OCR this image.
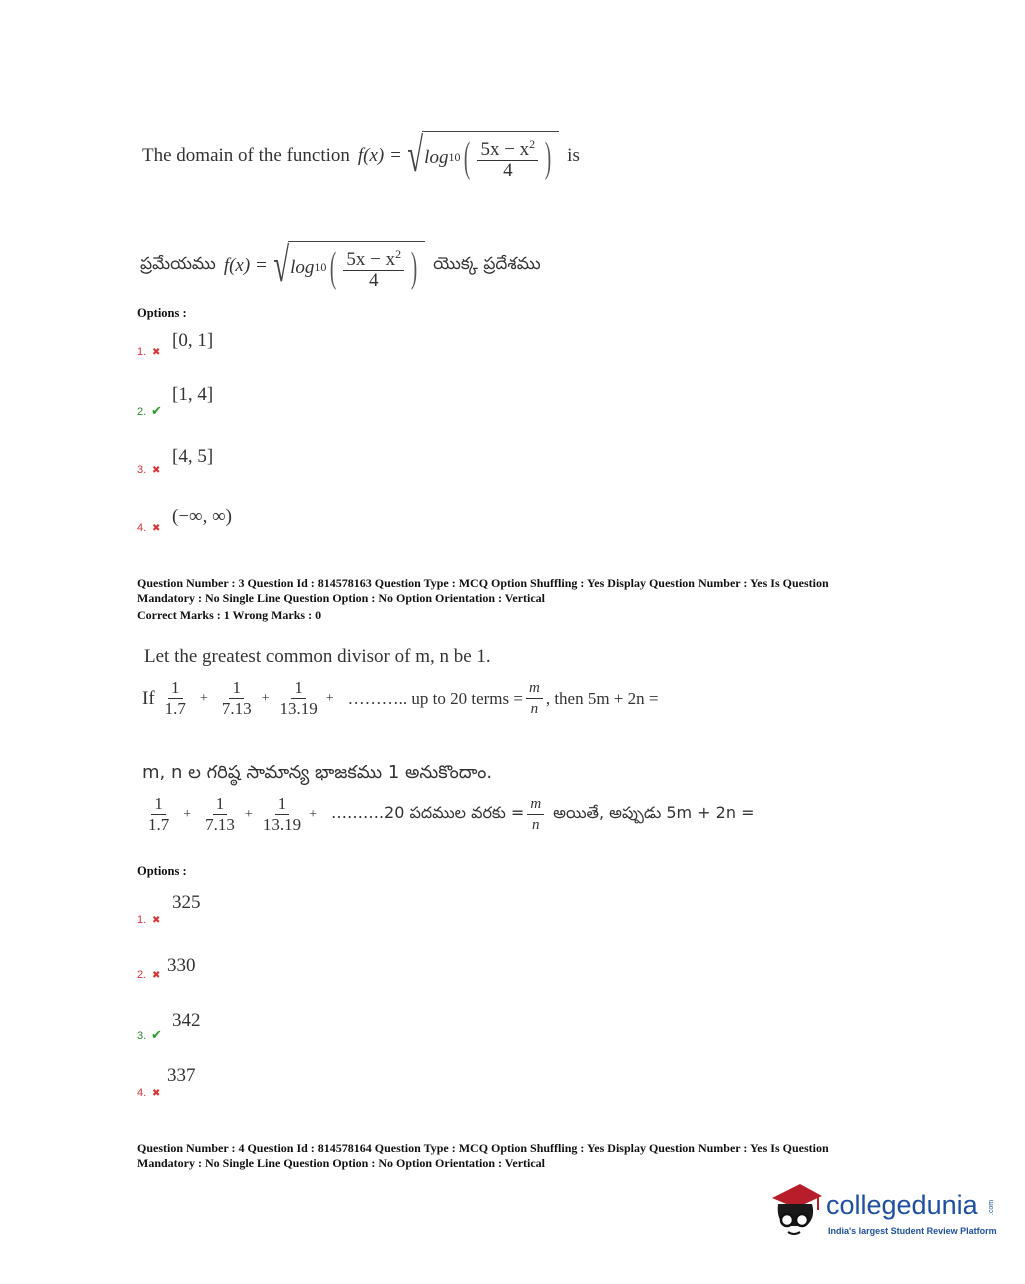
The domain of the function f(x) = √ log 10 ( $\frac{5x - x^2}{4}$ ) is
ప్రమేయము f(x) = √ log 10 ( $\frac{5x - x^2}{4}$ ) యొక్క ప్రదేశము
Options :
1. ✖
[0, 1]
2. ✔
[1, 4]
3. ✖
[4, 5]
4. ✖
(−∞, ∞)
Question Number : 3 Question Id : 814578163 Question Type : MCQ Option Shuffling : Yes Display Question Number : Yes Is Question
Mandatory : No Single Line Question Option : No Option Orientation : Vertical
Correct Marks : 1 Wrong Marks : 0
Let the greatest common divisor of m, n be 1.
If $\frac{1}{1.7} + \frac{1}{7.13} + \frac{1}{13.19}$ + ……….. up to 20 terms = $\frac{m}{n}$ , then 5m + 2n =
m, n ల గరిష్ఠ సామాన్య భాజకము 1 అనుకొందాం.
$\frac{1}{1.7} + \frac{1}{7.13} + \frac{1}{13.19}$ + ……….20 పదముల వరకు = $\frac{m}{n}$ అయితే, అప్పుడు 5m + 2n =
Options :
1. ✖
325
2. ✖ 330
3. ✔
342
4. ✖
337
Question Number : 4 Question Id : 814578164 Question Type : MCQ Option Shuffling : Yes Display Question Number : Yes Is Question
Mandatory : No Single Line Question Option : No Option Orientation : Vertical
collegedunia .com
India's largest Student Review Platform
